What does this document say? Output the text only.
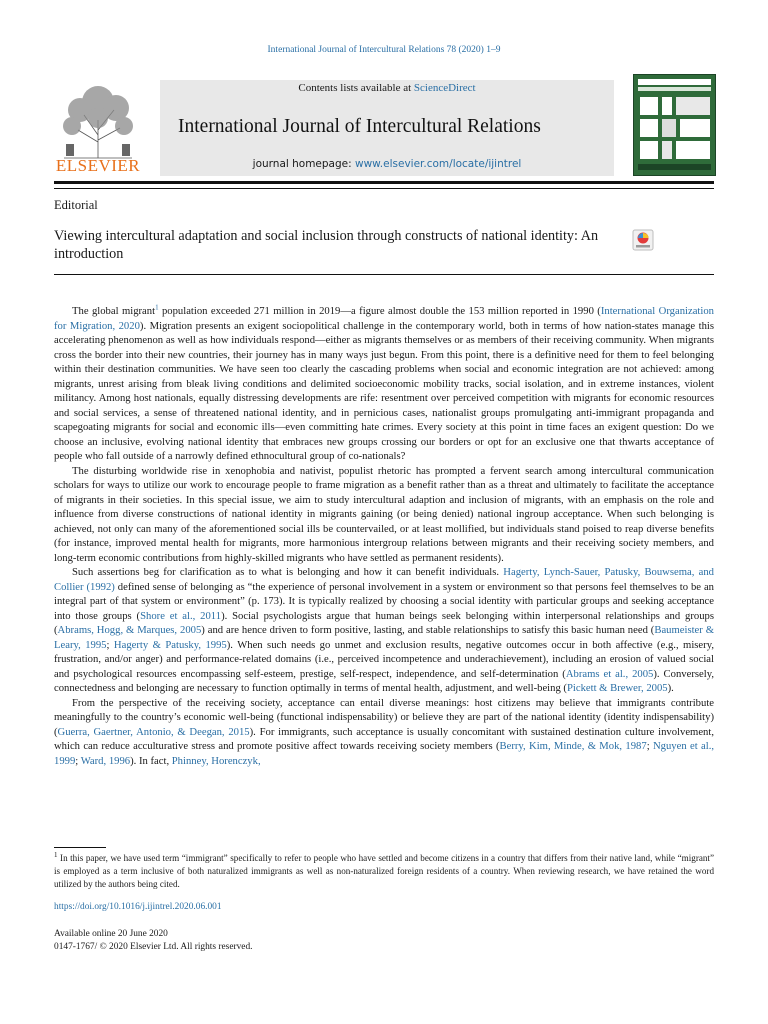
International Journal of Intercultural Relations 78 (2020) 1–9
ELSEVIER
Contents lists available at ScienceDirect
International Journal of Intercultural Relations
journal homepage: www.elsevier.com/locate/ijintrel
Editorial
Viewing intercultural adaptation and social inclusion through constructs of national identity: An introduction

The global migrant$^1$ population exceeded 271 million in 2019—a figure almost double the 153 million reported in 1990 (International Organization for Migration, 2020). Migration presents an exigent sociopolitical challenge in the contemporary world, both in terms of how nation-states manage this accelerating phenomenon as well as how individuals respond—either as migrants themselves or as members of their receiving community. When migrants cross the border into their new countries, their journey has in many ways just begun. From this point, there is a definitive need for them to feel belonging within their destination communities. We have seen too clearly the cascading problems when social and economic integration are not achieved: among migrants, unrest arising from bleak living conditions and delimited socioeconomic mobility tracks, social isolation, and in extreme instances, violent militancy. Among host nationals, equally distressing developments are rife: resentment over perceived competition with migrants for economic resources and social services, a sense of threatened national identity, and in pernicious cases, nationalist groups promulgating anti-immigrant propaganda and scapegoating migrants for social and economic ills—even committing hate crimes. Every society at this point in time faces an exigent question: Do we choose an inclusive, evolving national identity that embraces new groups crossing our borders or opt for an exclusive one that thwarts acceptance of people who fall outside of a narrowly defined ethnocultural group of co-nationals?

The disturbing worldwide rise in xenophobia and nativist, populist rhetoric has prompted a fervent search among intercultural communication scholars for ways to utilize our work to encourage people to frame migration as a benefit rather than as a threat and ultimately to facilitate the acceptance of migrants in their societies. In this special issue, we aim to study intercultural adaption and inclusion of migrants, with an emphasis on the role and influence from diverse constructions of national identity in migrants gaining (or being denied) national ingroup acceptance. When such belonging is achieved, not only can many of the aforementioned social ills be countervailed, or at least mollified, but individuals stand poised to reap diverse benefits (for instance, improved mental health for migrants, more harmonious intergroup relations between migrants and their receiving society members, and long-term economic contributions from highly-skilled migrants who have settled as permanent residents).

Such assertions beg for clarification as to what is belonging and how it can benefit individuals. Hagerty, Lynch-Sauer, Patusky, Bouwsema, and Collier (1992) defined sense of belonging as “the experience of personal involvement in a system or environment so that persons feel themselves to be an integral part of that system or environment” (p. 173). It is typically realized by choosing a social identity with particular groups and seeking acceptance into those groups (Shore et al., 2011). Social psychologists argue that human beings seek belonging within interpersonal relationships and groups (Abrams, Hogg, & Marques, 2005) and are hence driven to form positive, lasting, and stable relationships to satisfy this basic human need (Baumeister & Leary, 1995; Hagerty & Patusky, 1995). When such needs go unmet and exclusion results, negative outcomes occur in both affective (e.g., misery, frustration, and/or anger) and performance-related domains (i.e., perceived incompetence and underachievement), including an erosion of valued social and psychological resources encompassing self-esteem, prestige, self-respect, independence, and self-determination (Abrams et al., 2005). Conversely, connectedness and belonging are necessary to function optimally in terms of mental health, adjustment, and well-being (Pickett & Brewer, 2005).

From the perspective of the receiving society, acceptance can entail diverse meanings: host citizens may believe that immigrants contribute meaningfully to the country’s economic well-being (functional indispensability) or believe they are part of the national identity (identity indispensability) (Guerra, Gaertner, Antonio, & Deegan, 2015). For immigrants, such acceptance is usually concomitant with sustained destination culture involvement, which can reduce acculturative stress and promote positive affect towards receiving society members (Berry, Kim, Minde, & Mok, 1987; Nguyen et al., 1999; Ward, 1996). In fact, Phinney, Horenczyk,

$^1$ In this paper, we have used term “immigrant” specifically to refer to people who have settled and become citizens in a country that differs from their native land, while “migrant” is employed as a term inclusive of both naturalized immigrants as well as non-naturalized foreign residents of a country. When reviewing research, we have retained the word utilized by the authors being cited.
https://doi.org/10.1016/j.ijintrel.2020.06.001
Available online 20 June 2020
0147-1767/ © 2020 Elsevier Ltd. All rights reserved.
